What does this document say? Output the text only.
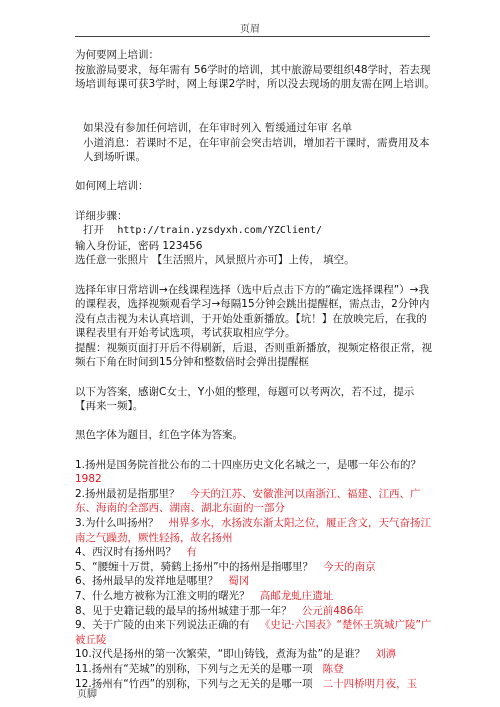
页眉

为何要网上培训：

按旅游局要求，每年需有 56学时的培训，其中旅游局要组织48学时，若去现场培训每课可获3学时，网上每课2学时，所以没去现场的朋友需在网上培训。

如果没有参加任何培训，在年审时列入 暂缓通过年审 名单

小道消息：若课时不足，在年审前会突击培训，增加若干课时，需费用及本人到场听课。

如何网上培训：

详细步骤：

打开 http://train.yzsdyxh.com/YZClient/

输入身份证，密码 123456

选任意一张照片 【生活照片，风景照片亦可】上传， 填空。

选择年审日常培训→在线课程选择（选中后点击下方的“确定选择课程”）→我的课程表，选择视频观看学习→每隔15分钟会跳出提醒框，需点击，2分钟内没有点击视为未认真培训，于开始处重新播放。【坑！】在放映完后，在我的课程表里有开始考试选项，考试获取相应学分。

提醒：视频页面打开后不得刷新，后退，否则重新播放，视频定格很正常，视频右下角在时间到15分钟和整数倍时会弹出提醒框

以下为答案，感谢C女士，Y小姐的整理，每题可以考两次，若不过，提示

【再来一频】。

黑色字体为题目，红色字体为答案。

1.扬州是国务院首批公布的二十四座历史文化名城之一，是哪一年公布的？

1982

2.扬州最初是指那里？ 今天的江苏、安徽淮河以南浙江、福建、江西、广东、海南的全部西、湖南、湖北东面的一部分

3.为什么叫扬州？ 州界多水，水扬波东渐太阳之位，履正含文，天气奋扬江南之气躁劲，厥性轻扬，故名扬州

4、西汉时有扬州吗？ 有

5、“腰缠十万贯，骑鹤上扬州”中的扬州是指哪里？ 今天的南京

6、扬州最早的发祥地是哪里？ 蜀冈

7、什么地方被称为江淮文明的曙光？ 高邮龙虬庄遗址

8、见于史籍记载的最早的扬州城建于那一年？ 公元前486年

9、关于广陵的由来下列说法正确的有 《史记·六国表》“楚怀王筑城广陵”广被丘陵

10.汉代是扬州的第一次繁荣，“即山铸钱，煮海为盐”的是谁？ 刘濞

11.扬州有“芜城”的别称，下列与之无关的是哪一项 陈登

12.扬州有“竹西”的别称，下列与之无关的是哪一项 二十四桥明月夜，玉

页脚
